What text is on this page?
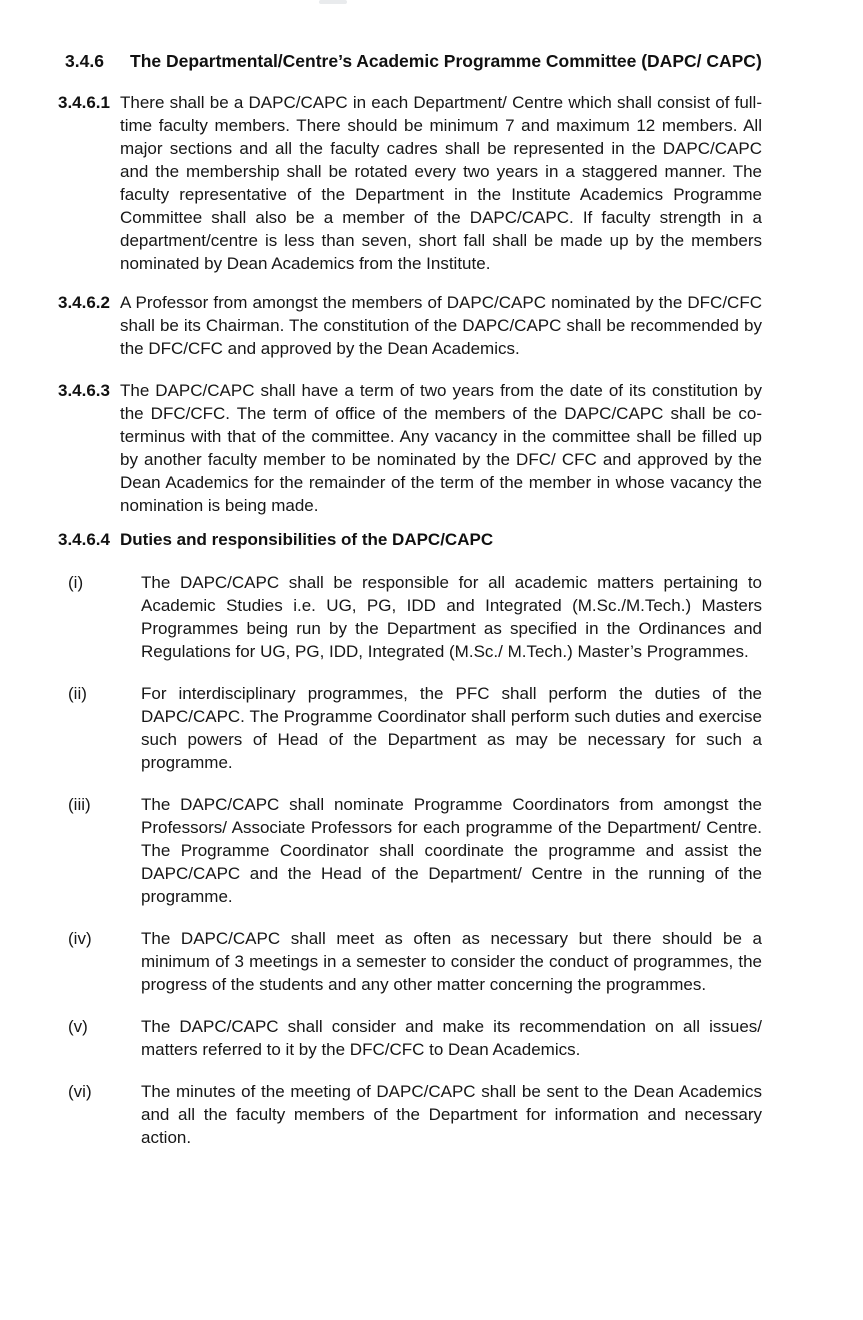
3.4.6	The Departmental/Centre’s Academic Programme Committee (DAPC/ CAPC)
3.4.6.1 There shall be a DAPC/CAPC in each Department/ Centre which shall consist of full-time faculty members. There should be minimum 7 and maximum 12 members. All major sections and all the faculty cadres shall be represented in the DAPC/CAPC and the membership shall be rotated every two years in a staggered manner. The faculty representative of the Department in the Institute Academics Programme Committee shall also be a member of the DAPC/CAPC. If faculty strength in a department/centre is less than seven, short fall shall be made up by the members nominated by Dean Academics from the Institute.

3.4.6.2 A Professor from amongst the members of DAPC/CAPC nominated by the DFC/CFC shall be its Chairman. The constitution of the DAPC/CAPC shall be recommended by the DFC/CFC and approved by the Dean Academics.

3.4.6.3 The DAPC/CAPC shall have a term of two years from the date of its constitution by the DFC/CFC. The term of office of the members of the DAPC/CAPC shall be co-terminus with that of the committee. Any vacancy in the committee shall be filled up by another faculty member to be nominated by the DFC/ CFC and approved by the Dean Academics for the remainder of the term of the member in whose vacancy the nomination is being made.

3.4.6.4 Duties and responsibilities of the DAPC/CAPC
(i)	The DAPC/CAPC shall be responsible for all academic matters pertaining to Academic Studies i.e. UG, PG, IDD and Integrated (M.Sc./M.Tech.) Masters Programmes being run by the Department as specified in the Ordinances and Regulations for UG, PG, IDD, Integrated (M.Sc./ M.Tech.) Master’s Programmes.

(ii)	For interdisciplinary programmes, the PFC shall perform the duties of the DAPC/CAPC. The Programme Coordinator shall perform such duties and exercise such powers of Head of the Department as may be necessary for such a programme.

(iii)	The DAPC/CAPC shall nominate Programme Coordinators from amongst the Professors/ Associate Professors for each programme of the Department/ Centre. The Programme Coordinator shall coordinate the programme and assist the DAPC/CAPC and the Head of the Department/ Centre in the running of the programme.

(iv)	The DAPC/CAPC shall meet as often as necessary but there should be a minimum of 3 meetings in a semester to consider the conduct of programmes, the progress of the students and any other matter concerning the programmes.

(v)	The DAPC/CAPC shall consider and make its recommendation on all issues/ matters referred to it by the DFC/CFC to Dean Academics.

(vi)	The minutes of the meeting of DAPC/CAPC shall be sent to the Dean Academics and all the faculty members of the Department for information and necessary action.
